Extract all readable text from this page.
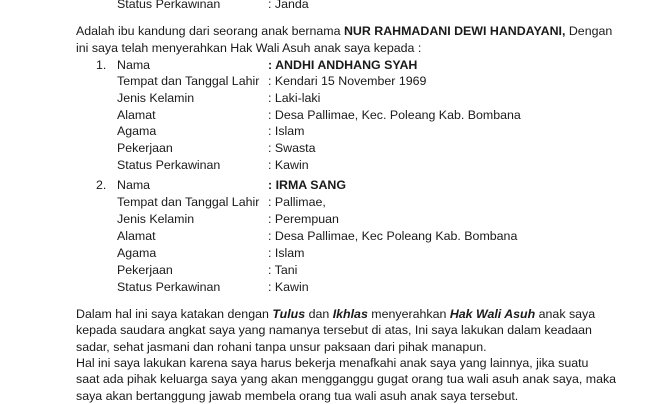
Status Perkawinan	: Janda
Adalah ibu kandung dari seorang anak bernama NUR RAHMADANI DEWI HANDAYANI, Dengan
ini saya telah menyerahkan Hak Wali Asuh anak saya kepada :
1. Nama	: ANDHI ANDHANG SYAH
Tempat dan Tanggal Lahir : Kendari 15 November 1969
Jenis Kelamin	: Laki-laki
Alamat	: Desa Pallimae, Kec. Poleang Kab. Bombana
Agama	: Islam
Pekerjaan	: Swasta
Status Perkawinan	: Kawin
2. Nama	: IRMA SANG
Tempat dan Tanggal Lahir : Pallimae,
Jenis Kelamin	: Perempuan
Alamat	: Desa Pallimae, Kec Poleang Kab. Bombana
Agama	: Islam
Pekerjaan	: Tani
Status Perkawinan	: Kawin
Dalam hal ini saya katakan dengan Tulus dan Ikhlas menyerahkan Hak Wali Asuh anak saya
kepada saudara angkat saya yang namanya tersebut di atas, Ini saya lakukan dalam keadaan
sadar, sehat jasmani dan rohani tanpa unsur paksaan dari pihak manapun.
Hal ini saya lakukan karena saya harus bekerja menafkahi anak saya yang lainnya, jika suatu
saat ada pihak keluarga saya yang akan mengganggu gugat orang tua wali asuh anak saya, maka
saya akan bertanggung jawab membela orang tua wali asuh anak saya tersebut.
